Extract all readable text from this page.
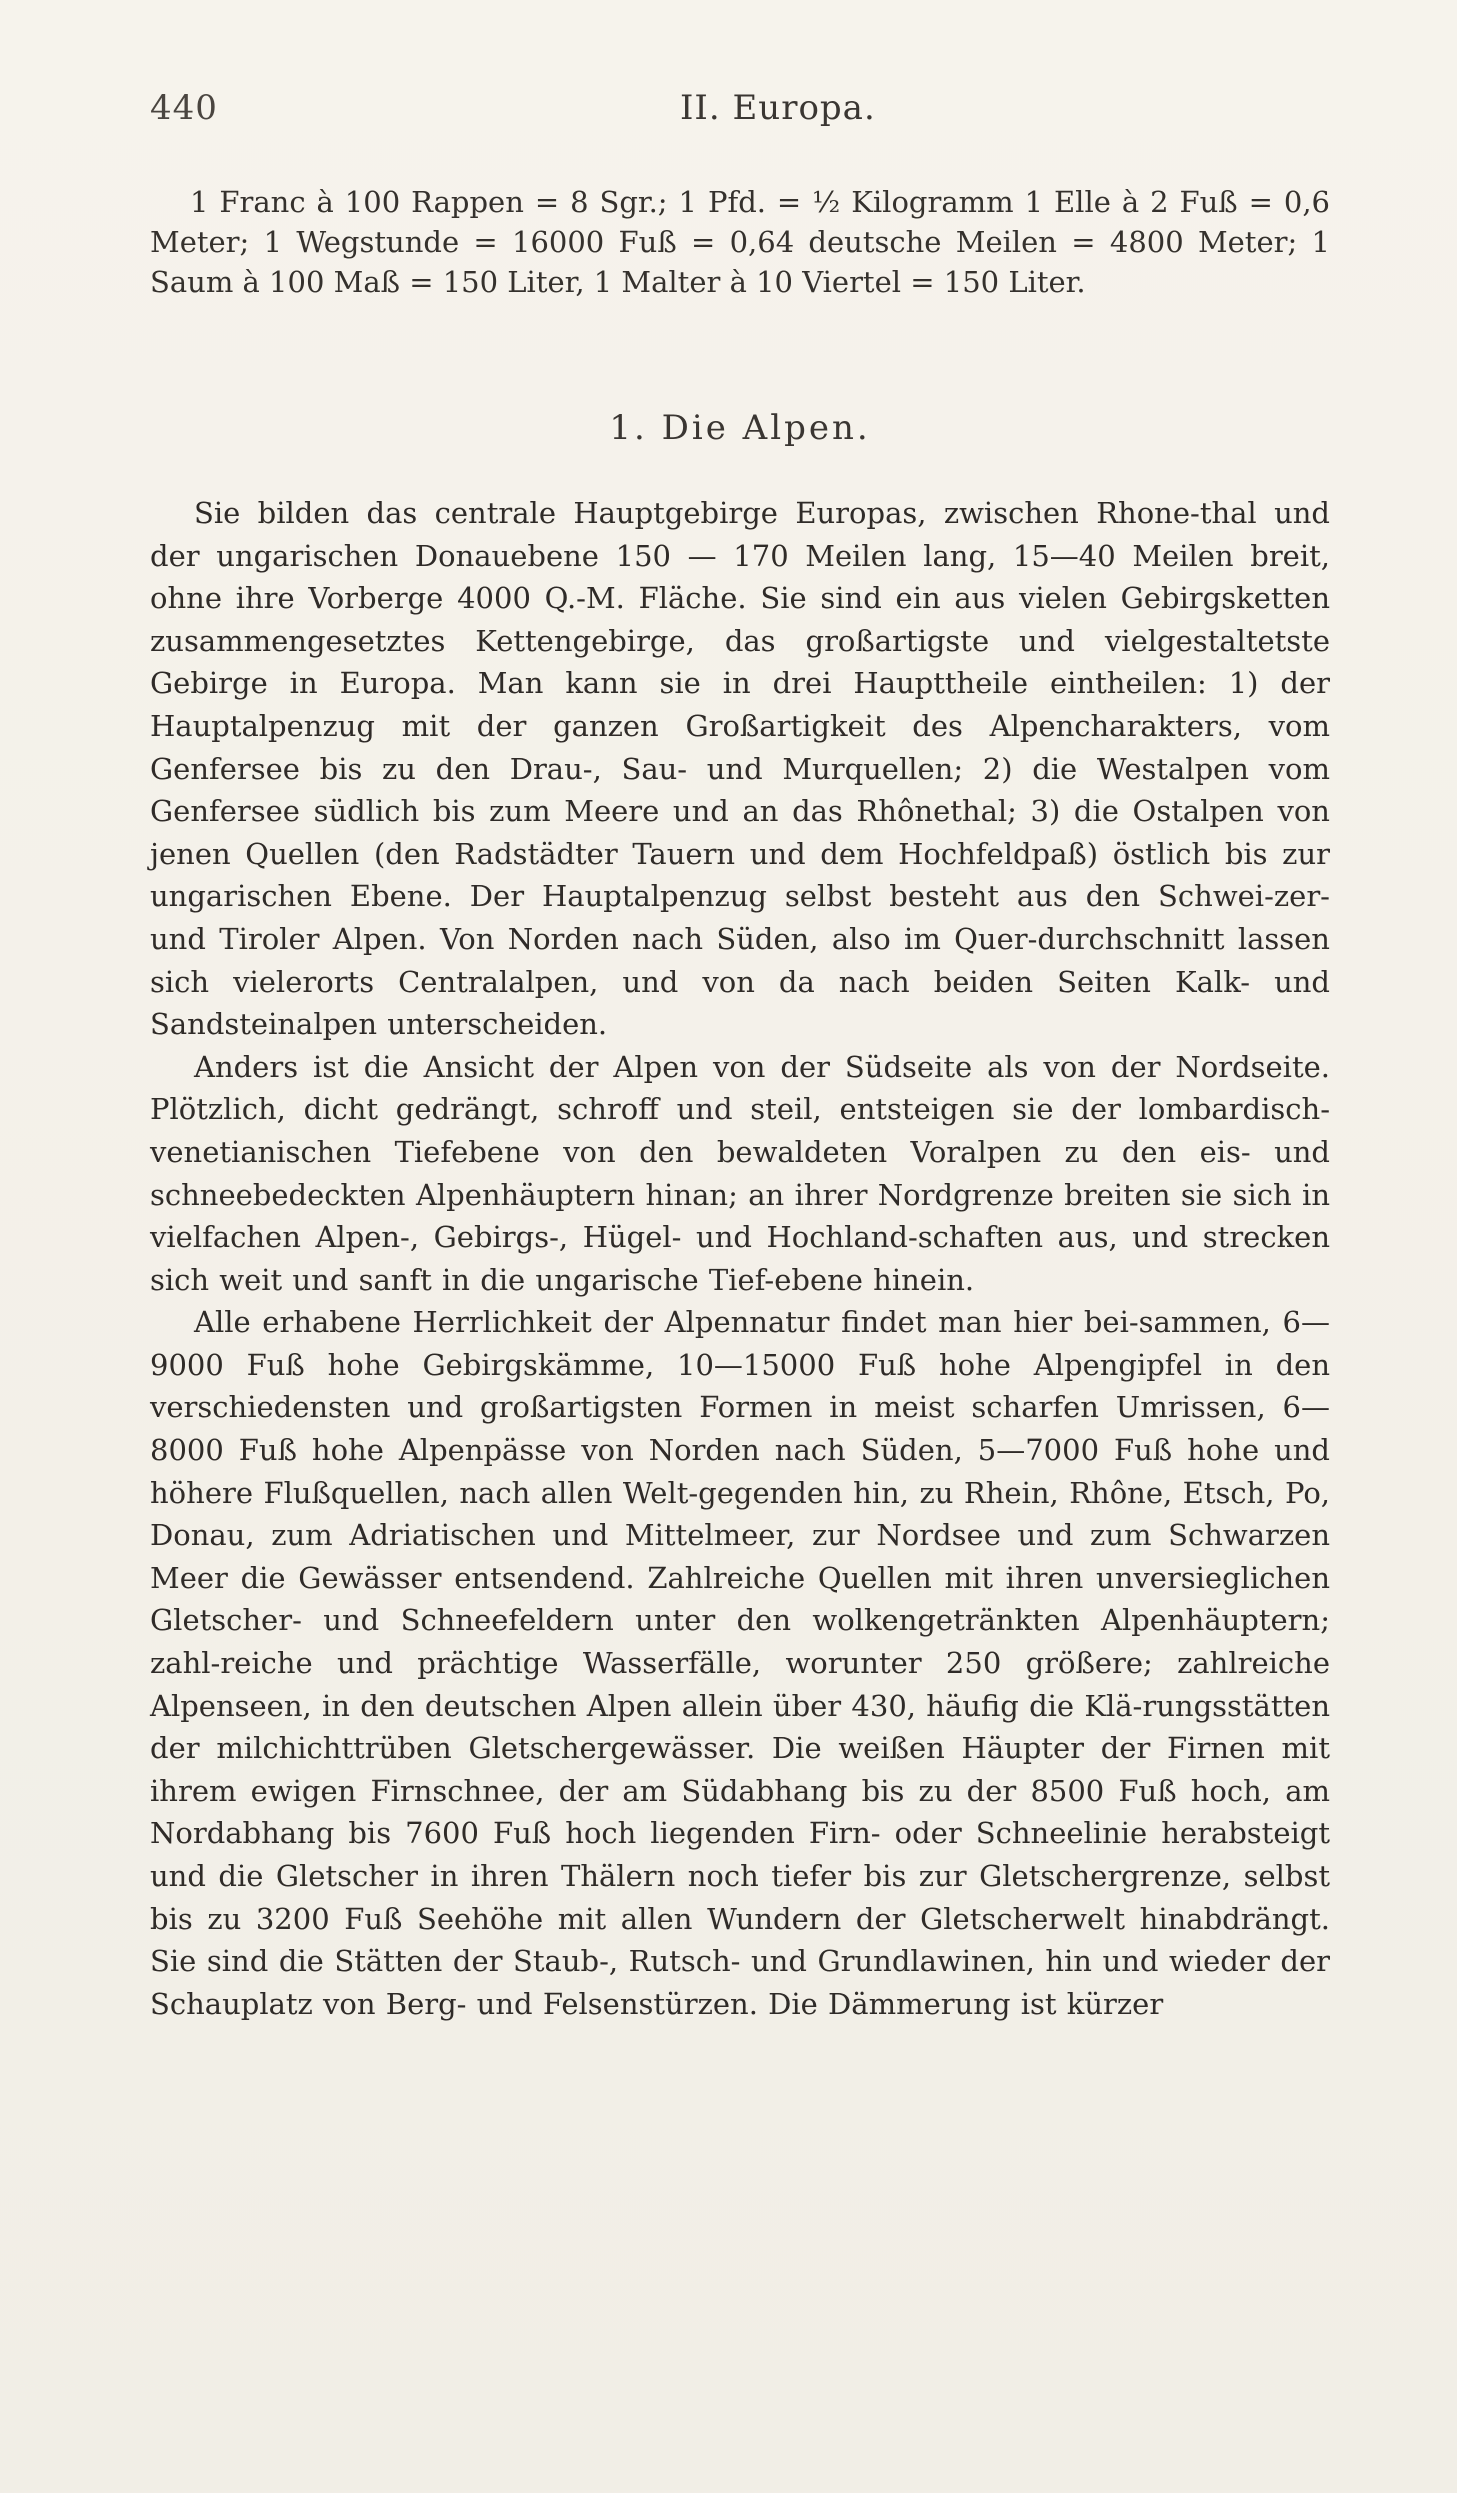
440	II. Europa.

1 Franc à 100 Rappen = 8 Sgr.; 1 Pfd. = ½ Kilogramm 1 Elle à 2 Fuß = 0,6 Meter; 1 Wegstunde = 16000 Fuß = 0,64 deutsche Meilen = 4800 Meter; 1 Saum à 100 Maß = 150 Liter, 1 Malter à 10 Viertel = 150 Liter.

1. Die Alpen.

Sie bilden das centrale Hauptgebirge Europas, zwischen Rhone-thal und der ungarischen Donauebene 150 — 170 Meilen lang, 15—40 Meilen breit, ohne ihre Vorberge 4000 Q.-M. Fläche. Sie sind ein aus vielen Gebirgsketten zusammengesetztes Kettengebirge, das großartigste und vielgestaltetste Gebirge in Europa. Man kann sie in drei Haupttheile eintheilen: 1) der Hauptalpenzug mit der ganzen Großartigkeit des Alpencharakters, vom Genfersee bis zu den Drau-, Sau- und Murquellen; 2) die Westalpen vom Genfersee südlich bis zum Meere und an das Rhônethal; 3) die Ostalpen von jenen Quellen (den Radstädter Tauern und dem Hochfeldpaß) östlich bis zur ungarischen Ebene. Der Hauptalpenzug selbst besteht aus den Schwei-zer- und Tiroler Alpen. Von Norden nach Süden, also im Quer-durchschnitt lassen sich vielerorts Centralalpen, und von da nach beiden Seiten Kalk- und Sandsteinalpen unterscheiden.

Anders ist die Ansicht der Alpen von der Südseite als von der Nordseite. Plötzlich, dicht gedrängt, schroff und steil, entsteigen sie der lombardisch-venetianischen Tiefebene von den bewaldeten Voralpen zu den eis- und schneebedeckten Alpenhäuptern hinan; an ihrer Nordgrenze breiten sie sich in vielfachen Alpen-, Gebirgs-, Hügel- und Hochland-schaften aus, und strecken sich weit und sanft in die ungarische Tief-ebene hinein.

Alle erhabene Herrlichkeit der Alpennatur findet man hier bei-sammen, 6—9000 Fuß hohe Gebirgskämme, 10—15000 Fuß hohe Alpengipfel in den verschiedensten und großartigsten Formen in meist scharfen Umrissen, 6—8000 Fuß hohe Alpenpässe von Norden nach Süden, 5—7000 Fuß hohe und höhere Flußquellen, nach allen Welt-gegenden hin, zu Rhein, Rhône, Etsch, Po, Donau, zum Adriatischen und Mittelmeer, zur Nordsee und zum Schwarzen Meer die Gewässer entsendend. Zahlreiche Quellen mit ihren unversieglichen Gletscher- und Schneefeldern unter den wolkengetränkten Alpenhäuptern; zahl-reiche und prächtige Wasserfälle, worunter 250 größere; zahlreiche Alpenseen, in den deutschen Alpen allein über 430, häufig die Klä-rungsstätten der milchichttrüben Gletschergewässer. Die weißen Häupter der Firnen mit ihrem ewigen Firnschnee, der am Südabhang bis zu der 8500 Fuß hoch, am Nordabhang bis 7600 Fuß hoch liegenden Firn- oder Schneelinie herabsteigt und die Gletscher in ihren Thälern noch tiefer bis zur Gletschergrenze, selbst bis zu 3200 Fuß Seehöhe mit allen Wundern der Gletscherwelt hinabdrängt. Sie sind die Stätten der Staub-, Rutsch- und Grundlawinen, hin und wieder der Schauplatz von Berg- und Felsenstürzen. Die Dämmerung ist kürzer
